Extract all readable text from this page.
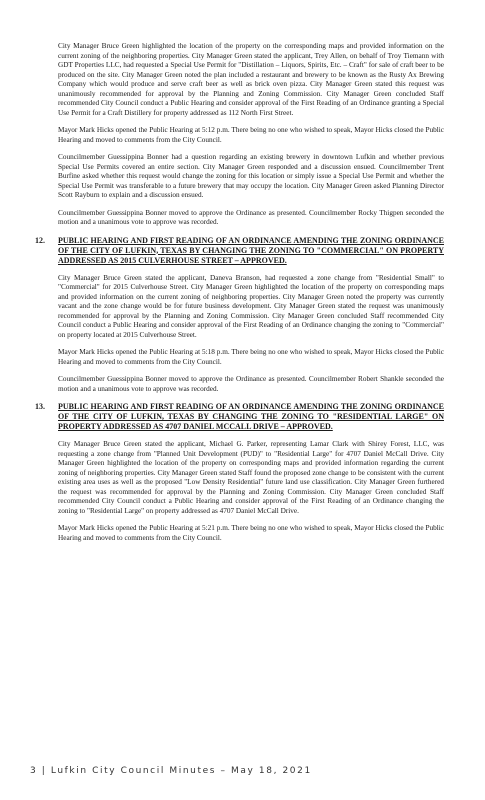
City Manager Bruce Green highlighted the location of the property on the corresponding maps and provided information on the current zoning of the neighboring properties. City Manager Green stated the applicant, Trey Allen, on behalf of Troy Tiemann with GDT Properties LLC, had requested a Special Use Permit for "Distillation – Liquors, Spirits, Etc. – Craft" for sale of craft beer to be produced on the site. City Manager Green noted the plan included a restaurant and brewery to be known as the Rusty Ax Brewing Company which would produce and serve craft beer as well as brick oven pizza. City Manager Green stated this request was unanimously recommended for approval by the Planning and Zoning Commission. City Manager Green concluded Staff recommended City Council conduct a Public Hearing and consider approval of the First Reading of an Ordinance granting a Special Use Permit for a Craft Distillery for property addressed as 112 North First Street.

Mayor Mark Hicks opened the Public Hearing at 5:12 p.m. There being no one who wished to speak, Mayor Hicks closed the Public Hearing and moved to comments from the City Council.

Councilmember Guessippina Bonner had a question regarding an existing brewery in downtown Lufkin and whether previous Special Use Permits covered an entire section. City Manager Green responded and a discussion ensued. Councilmember Trent Burfine asked whether this request would change the zoning for this location or simply issue a Special Use Permit and whether the Special Use Permit was transferable to a future brewery that may occupy the location. City Manager Green asked Planning Director Scott Rayburn to explain and a discussion ensued.

Councilmember Guessippina Bonner moved to approve the Ordinance as presented. Councilmember Rocky Thigpen seconded the motion and a unanimous vote to approve was recorded.

12. PUBLIC HEARING AND FIRST READING OF AN ORDINANCE AMENDING THE ZONING ORDINANCE OF THE CITY OF LUFKIN, TEXAS BY CHANGING THE ZONING TO "COMMERCIAL" ON PROPERTY ADDRESSED AS 2015 CULVERHOUSE STREET – APPROVED.

City Manager Bruce Green stated the applicant, Daneva Branson, had requested a zone change from "Residential Small" to "Commercial" for 2015 Culverhouse Street. City Manager Green highlighted the location of the property on corresponding maps and provided information on the current zoning of neighboring properties. City Manager Green noted the property was currently vacant and the zone change would be for future business development. City Manager Green stated the request was unanimously recommended for approval by the Planning and Zoning Commission. City Manager Green concluded Staff recommended City Council conduct a Public Hearing and consider approval of the First Reading of an Ordinance changing the zoning to "Commercial" on property located at 2015 Culverhouse Street.

Mayor Mark Hicks opened the Public Hearing at 5:18 p.m. There being no one who wished to speak, Mayor Hicks closed the Public Hearing and moved to comments from the City Council.

Councilmember Guessippina Bonner moved to approve the Ordinance as presented. Councilmember Robert Shankle seconded the motion and a unanimous vote to approve was recorded.

13. PUBLIC HEARING AND FIRST READING OF AN ORDINANCE AMENDING THE ZONING ORDINANCE OF THE CITY OF LUFKIN, TEXAS BY CHANGING THE ZONING TO "RESIDENTIAL LARGE" ON PROPERTY ADDRESSED AS 4707 DANIEL MCCALL DRIVE – APPROVED.

City Manager Bruce Green stated the applicant, Michael G. Parker, representing Lamar Clark with Shirey Forest, LLC, was requesting a zone change from "Planned Unit Development (PUD)" to "Residential Large" for 4707 Daniel McCall Drive. City Manager Green highlighted the location of the property on corresponding maps and provided information regarding the current zoning of neighboring properties. City Manager Green stated Staff found the proposed zone change to be consistent with the current existing area uses as well as the proposed "Low Density Residential" future land use classification. City Manager Green furthered the request was recommended for approval by the Planning and Zoning Commission. City Manager Green concluded Staff recommended City Council conduct a Public Hearing and consider approval of the First Reading of an Ordinance changing the zoning to "Residential Large" on property addressed as 4707 Daniel McCall Drive.

Mayor Mark Hicks opened the Public Hearing at 5:21 p.m. There being no one who wished to speak, Mayor Hicks closed the Public Hearing and moved to comments from the City Council.

3 | Lufkin City Council Minutes – May 18, 2021
